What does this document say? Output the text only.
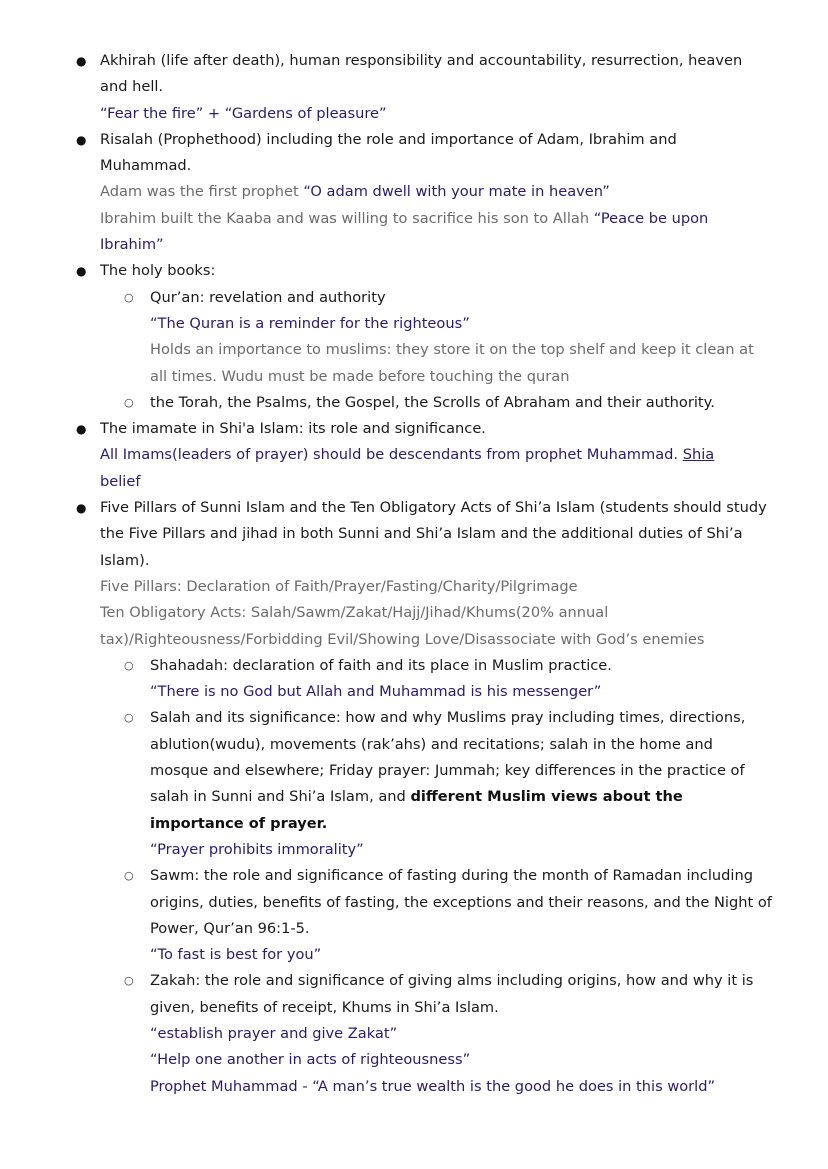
● Akhirah (life after death), human responsibility and accountability, resurrection, heaven and hell.
“Fear the fire” + “Gardens of pleasure”
● Risalah (Prophethood) including the role and importance of Adam, Ibrahim and Muhammad.
Adam was the first prophet “O adam dwell with your mate in heaven”
Ibrahim built the Kaaba and was willing to sacrifice his son to Allah “Peace be upon Ibrahim”
● The holy books:
○ Qur’an: revelation and authority
“The Quran is a reminder for the righteous”
Holds an importance to muslims: they store it on the top shelf and keep it clean at all times. Wudu must be made before touching the quran
○ the Torah, the Psalms, the Gospel, the Scrolls of Abraham and their authority.
● The imamate in Shi'a Islam: its role and significance.
All Imams(leaders of prayer) should be descendants from prophet Muhammad. Shia
belief
● Five Pillars of Sunni Islam and the Ten Obligatory Acts of Shi’a Islam (students should study the Five Pillars and jihad in both Sunni and Shi’a Islam and the additional duties of Shi’a Islam).
Five Pillars: Declaration of Faith/Prayer/Fasting/Charity/Pilgrimage
Ten Obligatory Acts: Salah/Sawm/Zakat/Hajj/Jihad/Khums(20% annual tax)/Righteousness/Forbidding Evil/Showing Love/Disassociate with God’s enemies
○ Shahadah: declaration of faith and its place in Muslim practice.
“There is no God but Allah and Muhammad is his messenger”
○ Salah and its significance: how and why Muslims pray including times, directions, ablution(wudu), movements (rak’ahs) and recitations; salah in the home and mosque and elsewhere; Friday prayer: Jummah; key differences in the practice of salah in Sunni and Shi’a Islam, and different Muslim views about the importance of prayer.
“Prayer prohibits immorality”
○ Sawm: the role and significance of fasting during the month of Ramadan including origins, duties, benefits of fasting, the exceptions and their reasons, and the Night of Power, Qur’an 96:1-5.
“To fast is best for you”
○ Zakah: the role and significance of giving alms including origins, how and why it is given, benefits of receipt, Khums in Shi’a Islam.
“establish prayer and give Zakat”
“Help one another in acts of righteousness”
Prophet Muhammad - “A man’s true wealth is the good he does in this world”
